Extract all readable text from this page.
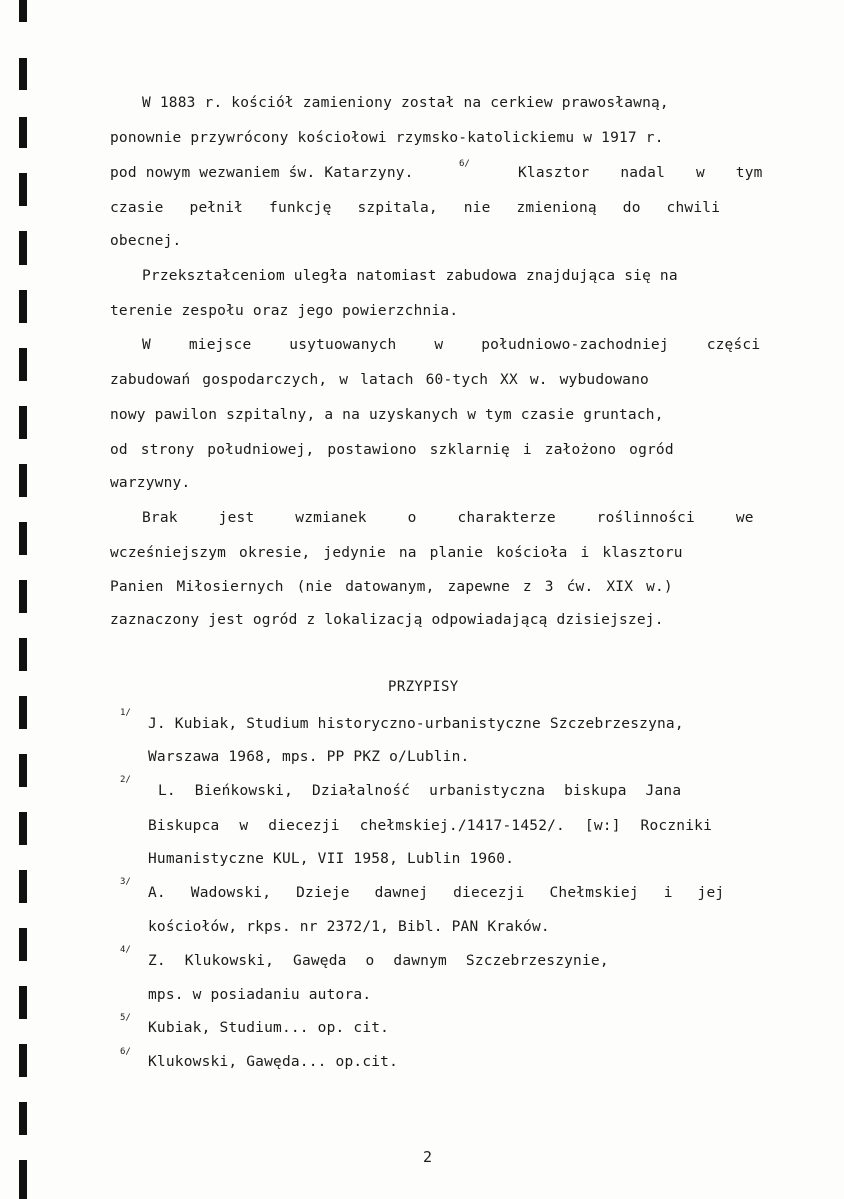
W 1883 r. kościół zamieniony został na cerkiew prawosławną,
ponownie przywrócony kościołowi rzymsko-katolickiemu w 1917 r.
pod nowym wezwaniem św. Katarzyny.
6/
Klasztor nadal w tym
czasie pełnił funkcję szpitala, nie zmienioną do chwili
obecnej.
Przekształceniom uległa natomiast zabudowa znajdująca się na
terenie zespołu oraz jego powierzchnia.
W miejsce usytuowanych w południowo-zachodniej części
zabudowań gospodarczych, w latach 60-tych XX w. wybudowano
nowy pawilon szpitalny, a na uzyskanych w tym czasie gruntach,
od strony południowej, postawiono szklarnię i założono ogród
warzywny.
Brak jest wzmianek o charakterze roślinności we
wcześniejszym okresie, jedynie na planie kościoła i klasztoru
Panien Miłosiernych (nie datowanym, zapewne z 3 ćw. XIX w.)
zaznaczony jest ogród z lokalizacją odpowiadającą dzisiejszej.
PRZYPISY
1/
J. Kubiak, Studium historyczno-urbanistyczne Szczebrzeszyna,
Warszawa 1968, mps. PP PKZ o/Lublin.
2/
L. Bieńkowski, Działalność urbanistyczna biskupa Jana
Biskupca w diecezji chełmskiej./1417-1452/. [w:] Roczniki
Humanistyczne KUL, VII 1958, Lublin 1960.
3/
A. Wadowski, Dzieje dawnej diecezji Chełmskiej i jej
kościołów, rkps. nr 2372/1, Bibl. PAN Kraków.
4/
Z. Klukowski, Gawęda o dawnym Szczebrzeszynie,
mps. w posiadaniu autora.
5/
Kubiak, Studium... op. cit.
6/
Klukowski, Gawęda... op.cit.
2
